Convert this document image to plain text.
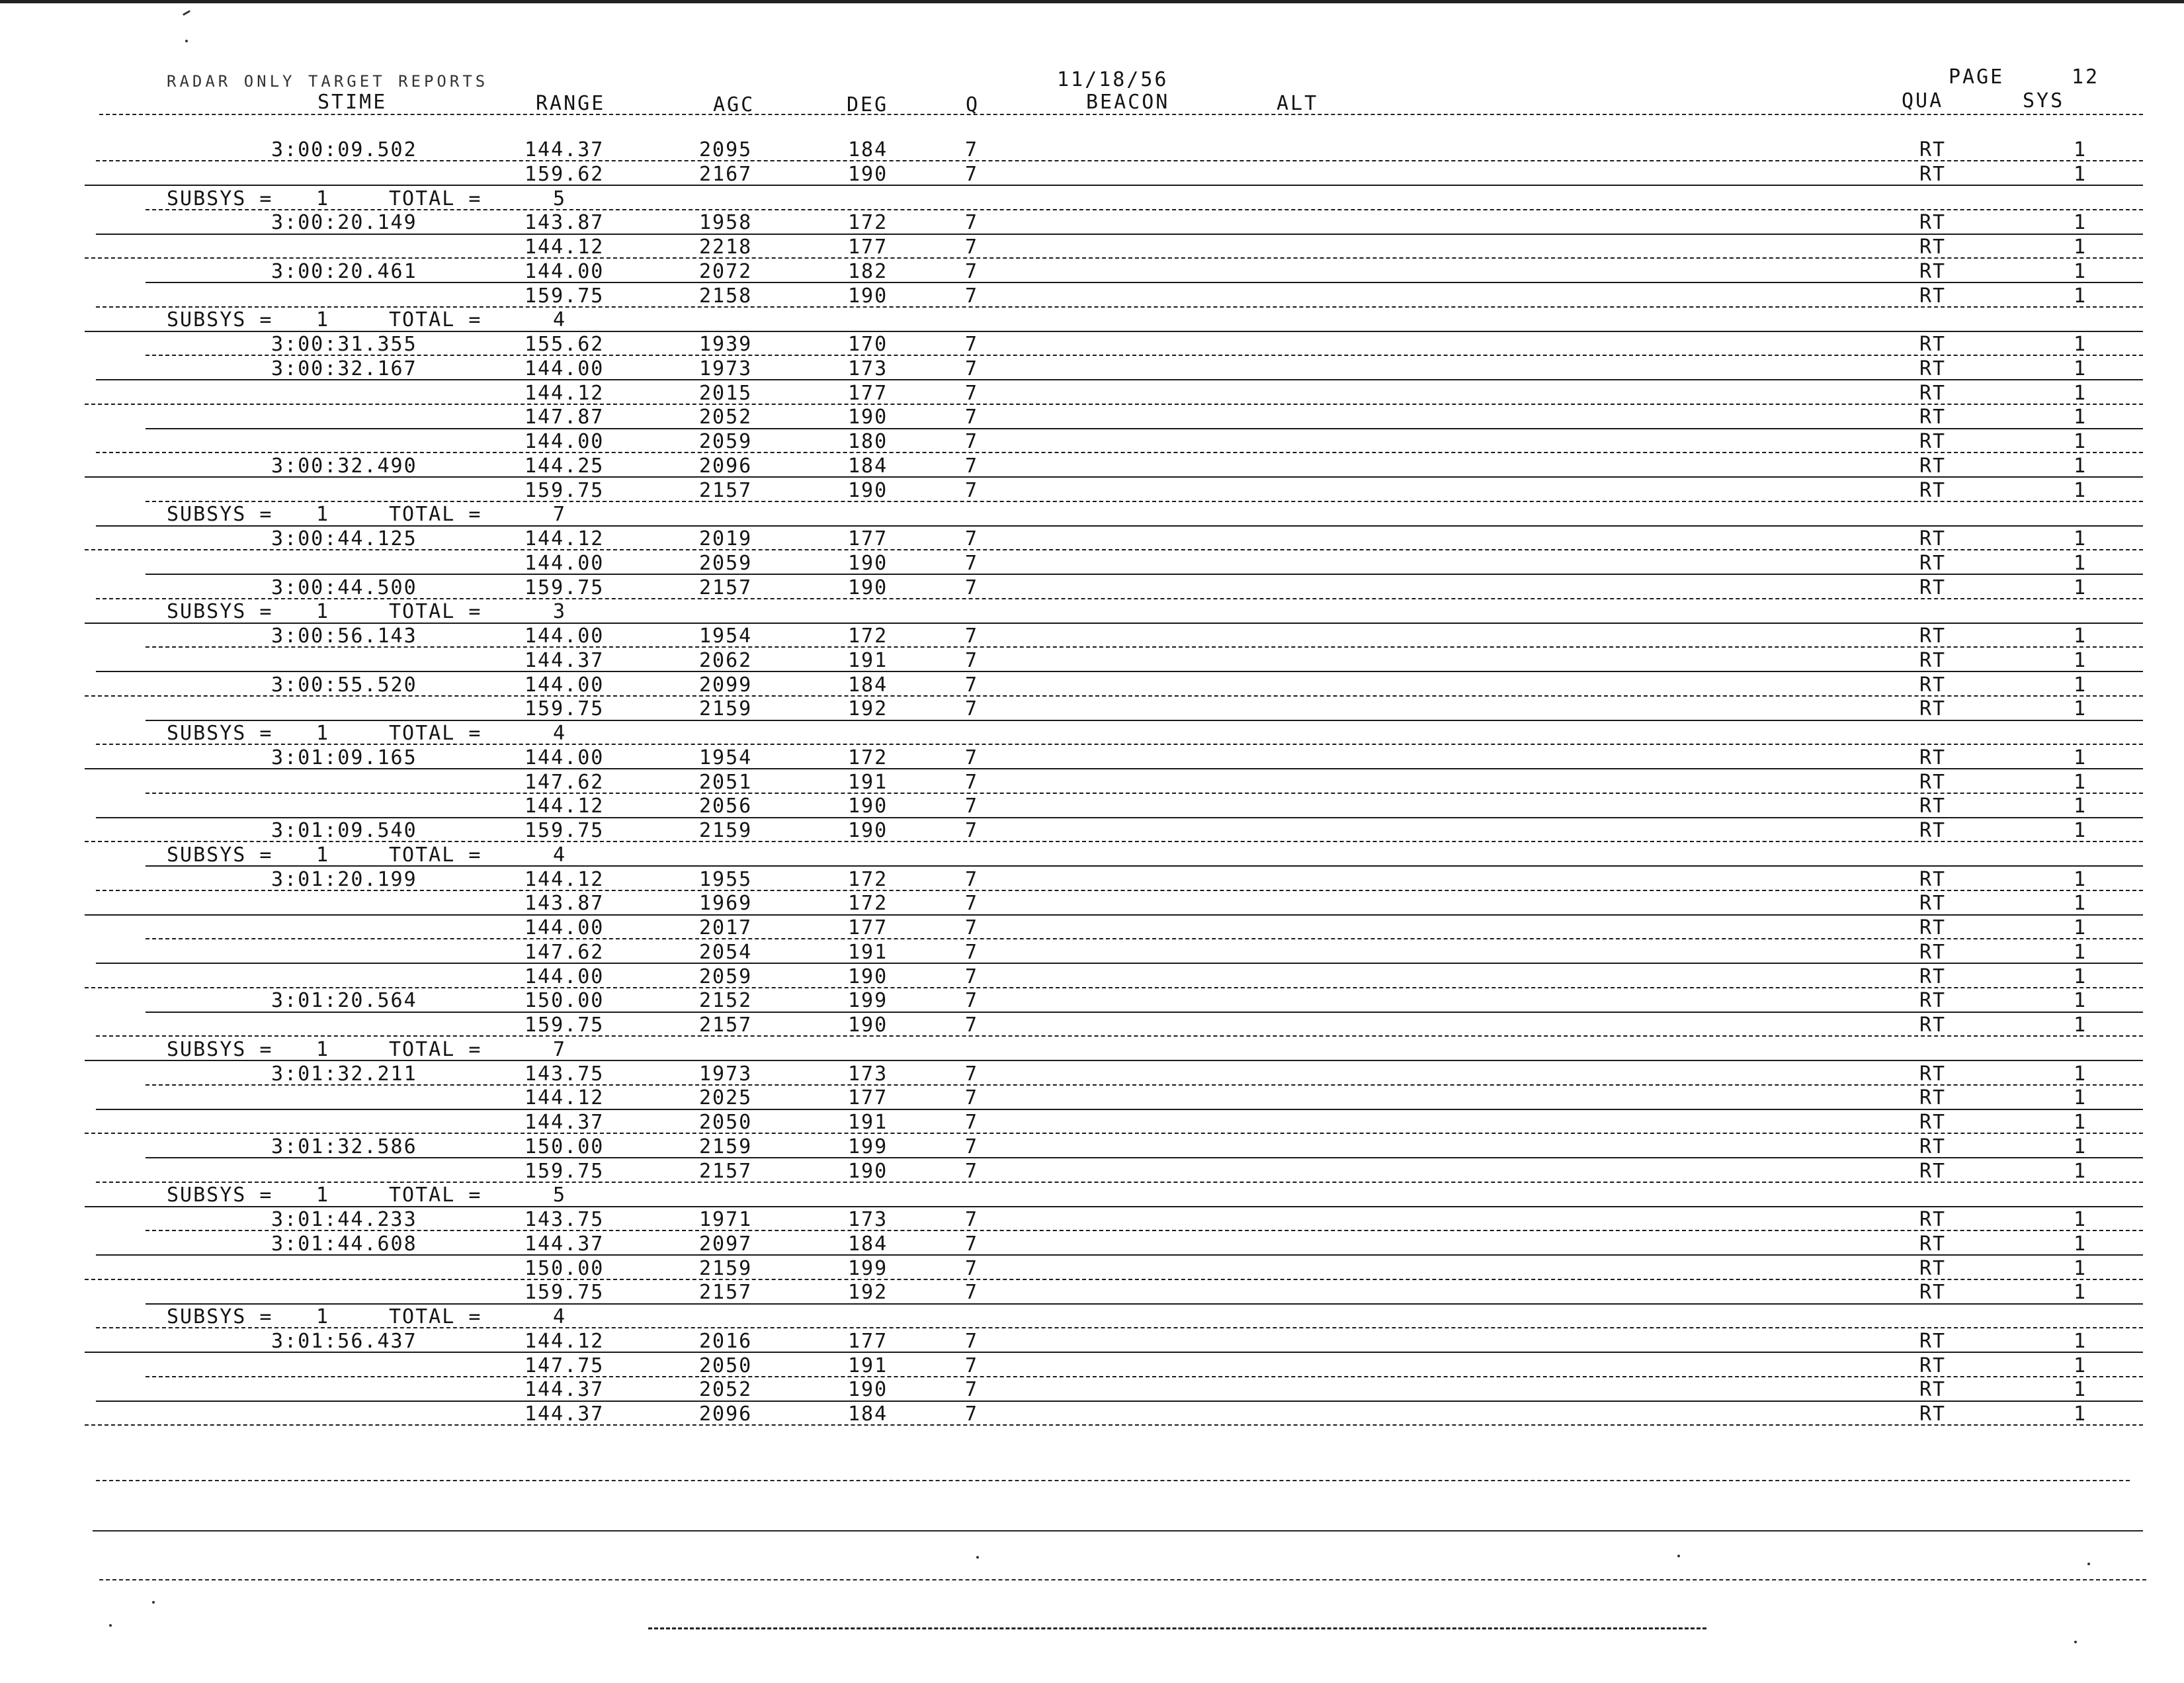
RADAR ONLY TARGET REPORTS
STIME	RANGE	AGC	DEG	Q
11/18/56
BEACON	ALT
PAGE	12
QUA	SYS
3:00:09.502	144.37	2095	184	7	RT	1
159.62	2167	190	7	RT	1
SUBSYS = 1	TOTAL =	5
3:00:20.149	143.87	1958	172	7	RT	1
144.12	2218	177	7	RT	1
3:00:20.461	144.00	2072	182	7	RT	1
159.75	2158	190	7	RT	1
SUBSYS = 1	TOTAL =	4
3:00:31.355	155.62	1939	170	7	RT	1
3:00:32.167	144.00	1973	173	7	RT	1
144.12	2015	177	7	RT	1
147.87	2052	190	7	RT	1
144.00	2059	180	7	RT	1
3:00:32.490	144.25	2096	184	7	RT	1
159.75	2157	190	7	RT	1
SUBSYS = 1	TOTAL =	7
3:00:44.125	144.12	2019	177	7	RT	1
144.00	2059	190	7	RT	1
3:00:44.500	159.75	2157	190	7	RT	1
SUBSYS = 1	TOTAL =	3
3:00:56.143	144.00	1954	172	7	RT	1
144.37	2062	191	7	RT	1
3:00:55.520	144.00	2099	184	7	RT	1
159.75	2159	192	7	RT	1
SUBSYS = 1	TOTAL =	4
3:01:09.165	144.00	1954	172	7	RT	1
147.62	2051	191	7	RT	1
144.12	2056	190	7	RT	1
3:01:09.540	159.75	2159	190	7	RT	1
SUBSYS = 1	TOTAL =	4
3:01:20.199	144.12	1955	172	7	RT	1
143.87	1969	172	7	RT	1
144.00	2017	177	7	RT	1
147.62	2054	191	7	RT	1
144.00	2059	190	7	RT	1
3:01:20.564	150.00	2152	199	7	RT	1
159.75	2157	190	7	RT	1
SUBSYS = 1	TOTAL =	7
3:01:32.211	143.75	1973	173	7	RT	1
144.12	2025	177	7	RT	1
144.37	2050	191	7	RT	1
3:01:32.586	150.00	2159	199	7	RT	1
159.75	2157	190	7	RT	1
SUBSYS = 1	TOTAL =	5
3:01:44.233	143.75	1971	173	7	RT	1
3:01:44.608	144.37	2097	184	7	RT	1
150.00	2159	199	7	RT	1
159.75	2157	192	7	RT	1
SUBSYS = 1	TOTAL =	4
3:01:56.437	144.12	2016	177	7	RT	1
147.75	2050	191	7	RT	1
144.37	2052	190	7	RT	1
144.37	2096	184	7	RT	1
